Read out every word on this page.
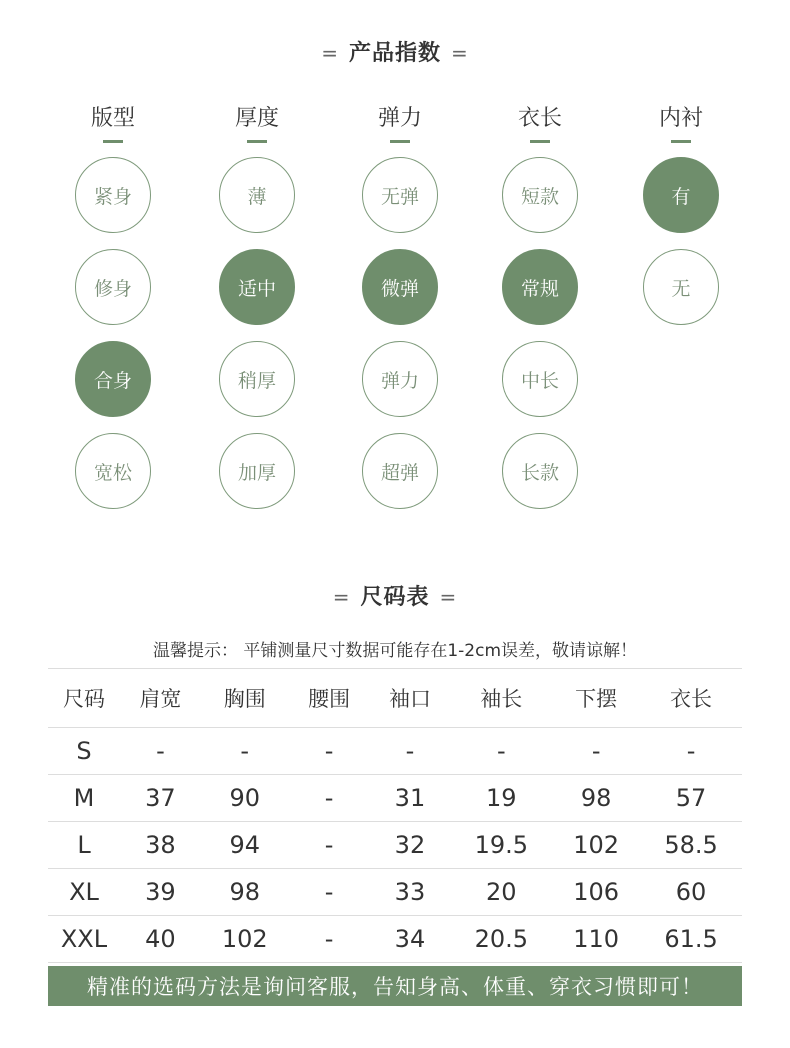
= 产品指数 =
版型
紧身
修身
合身
宽松
厚度
薄
适中
稍厚
加厚
弹力
无弹
微弹
弹力
超弹
衣长
短款
常规
中长
长款
内衬
有
无
= 尺码表 =
温馨提示： 平铺测量尺寸数据可能存在1-2cm误差，敬请谅解！
尺码	肩宽	胸围	腰围	袖口	袖长	下摆	衣长
S	-	-	-	-	-	-	-
M	37	90	-	31	19	98	57
L	38	94	-	32	19.5	102	58.5
XL	39	98	-	33	20	106	60
XXL	40	102	-	34	20.5	110	61.5
精准的选码方法是询问客服，告知身高、体重、穿衣习惯即可！
